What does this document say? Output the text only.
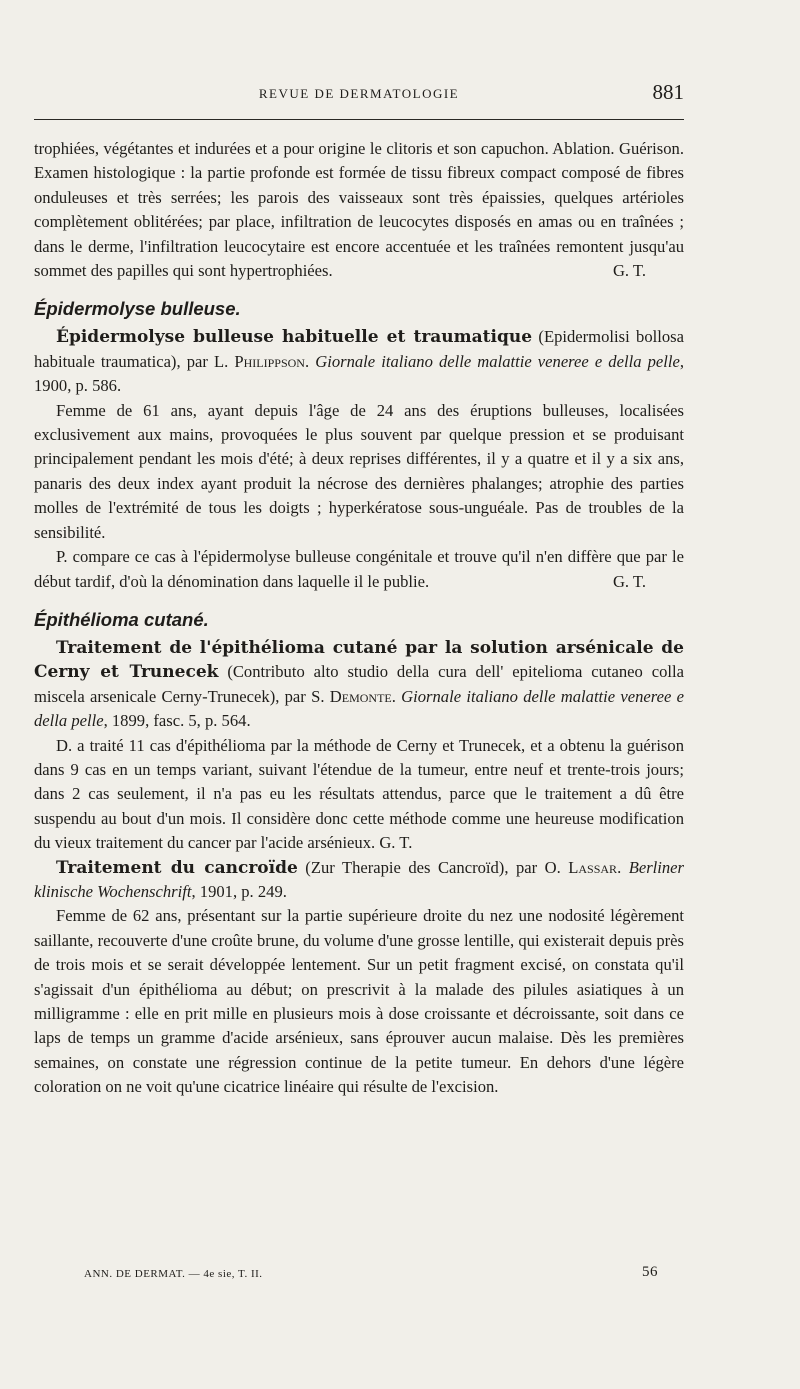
REVUE DE DERMATOLOGIE	881

trophiées, végétantes et indurées et a pour origine le clitoris et son capuchon. Ablation. Guérison. Examen histologique : la partie profonde est formée de tissu fibreux compact composé de fibres onduleuses et très serrées; les parois des vaisseaux sont très épaissies, quelques artérioles complètement oblitérées; par place, infiltration de leucocytes disposés en amas ou en traînées ; dans le derme, l'infiltration leucocytaire est encore accentuée et les traînées remontent jusqu'au sommet des papilles qui sont hypertrophiées.	G. T.

Épidermolyse bulleuse.

Épidermolyse bulleuse habituelle et traumatique (Epidermolisi bollosa habituale traumatica), par L. Philippson. Giornale italiano delle malattie veneree e della pelle, 1900, p. 586.

Femme de 61 ans, ayant depuis l'âge de 24 ans des éruptions bulleuses, localisées exclusivement aux mains, provoquées le plus souvent par quelque pression et se produisant principalement pendant les mois d'été; à deux reprises différentes, il y a quatre et il y a six ans, panaris des deux index ayant produit la nécrose des dernières phalanges; atrophie des parties molles de l'extrémité de tous les doigts ; hyperkératose sous-unguéale. Pas de troubles de la sensibilité.

P. compare ce cas à l'épidermolyse bulleuse congénitale et trouve qu'il n'en diffère que par le début tardif, d'où la dénomination dans laquelle il le publie.	G. T.

Épithélioma cutané.

Traitement de l'épithélioma cutané par la solution arsénicale de Cerny et Trunecek (Contributo alto studio della cura dell' epitelioma cutaneo colla miscela arsenicale Cerny-Trunecek), par S. Demonte. Giornale italiano delle malattie veneree e della pelle, 1899, fasc. 5, p. 564.

D. a traité 11 cas d'épithélioma par la méthode de Cerny et Trunecek, et a obtenu la guérison dans 9 cas en un temps variant, suivant l'étendue de la tumeur, entre neuf et trente-trois jours; dans 2 cas seulement, il n'a pas eu les résultats attendus, parce que le traitement a dû être suspendu au bout d'un mois. Il considère donc cette méthode comme une heureuse modification du vieux traitement du cancer par l'acide arsénieux. G. T.

Traitement du cancroïde (Zur Therapie des Cancroïd), par O. Lassar. Berliner klinische Wochenschrift, 1901, p. 249.

Femme de 62 ans, présentant sur la partie supérieure droite du nez une nodosité légèrement saillante, recouverte d'une croûte brune, du volume d'une grosse lentille, qui existerait depuis près de trois mois et se serait développée lentement. Sur un petit fragment excisé, on constata qu'il s'agissait d'un épithélioma au début; on prescrivit à la malade des pilules asiatiques à un milligramme : elle en prit mille en plusieurs mois à dose croissante et décroissante, soit dans ce laps de temps un gramme d'acide arsénieux, sans éprouver aucun malaise. Dès les premières semaines, on constate une régression continue de la petite tumeur. En dehors d'une légère coloration on ne voit qu'une cicatrice linéaire qui résulte de l'excision.

ANN. DE DERMAT. — 4e sie, T. II.	56
